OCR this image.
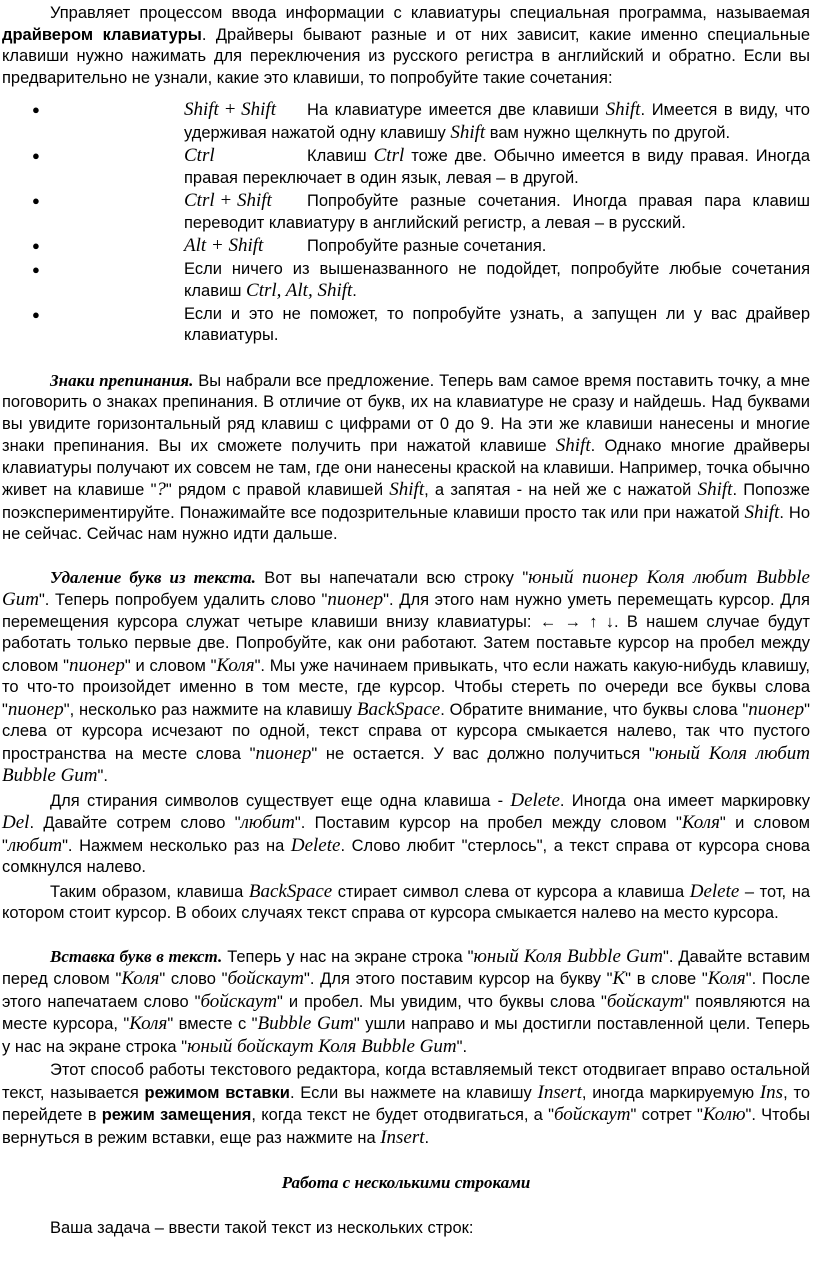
Управляет процессом ввода информации с клавиатуры специальная программа, называемая драйвером клавиатуры. Драйверы бывают разные и от них зависит, какие именно специальные клавиши нужно нажимать для переключения из русского регистра в английский и обратно. Если вы предварительно не узнали, какие это клавиши, то попробуйте такие сочетания:

●	Shift + Shift На клавиатуре имеется две клавиши Shift. Имеется в виду, что удерживая нажатой одну клавишу Shift вам нужно щелкнуть по другой.
●	Ctrl	Клавиш Ctrl тоже две. Обычно имеется в виду правая. Иногда правая переключает в один язык, левая – в другой.
●	Ctrl + Shift Попробуйте разные сочетания. Иногда правая пара клавиш переводит клавиатуру в английский регистр, а левая – в русский.
●	Alt + Shift	Попробуйте разные сочетания.
●	Если ничего из вышеназванного не подойдет, попробуйте любые сочетания клавиш Ctrl, Alt, Shift.
●	Если и это не поможет, то попробуйте узнать, а запущен ли у вас драйвер клавиатуры.

Знаки препинания. Вы набрали все предложение. Теперь вам самое время поставить точку, а мне поговорить о знаках препинания. В отличие от букв, их на клавиатуре не сразу и найдешь. Над буквами вы увидите горизонтальный ряд клавиш с цифрами от 0 до 9. На эти же клавиши нанесены и многие знаки препинания. Вы их сможете получить при нажатой клавише Shift. Однако многие драйверы клавиатуры получают их совсем не там, где они нанесены краской на клавиши. Например, точка обычно живет на клавише "?" рядом с правой клавишей Shift, а запятая - на ней же с нажатой Shift. Попозже поэкспериментируйте. Понажимайте все подозрительные клавиши просто так или при нажатой Shift. Но не сейчас. Сейчас нам нужно идти дальше.

Удаление букв из текста. Вот вы напечатали всю строку "юный пионер Коля любит Bubble Gum". Теперь попробуем удалить слово "пионер". Для этого нам нужно уметь перемещать курсор. Для перемещения курсора служат четыре клавиши внизу клавиатуры: ← → ↑ ↓. В нашем случае будут работать только первые две. Попробуйте, как они работают. Затем поставьте курсор на пробел между словом "пионер" и словом "Коля". Мы уже начинаем привыкать, что если нажать какую-нибудь клавишу, то что-то произойдет именно в том месте, где курсор. Чтобы стереть по очереди все буквы слова "пионер", несколько раз нажмите на клавишу BackSpace. Обратите внимание, что буквы слова "пионер" слева от курсора исчезают по одной, текст справа от курсора смыкается налево, так что пустого пространства на месте слова "пионер" не остается. У вас должно получиться "юный Коля любит Bubble Gum".

Для стирания символов существует еще одна клавиша - Delete. Иногда она имеет маркировку Del. Давайте сотрем слово "любит". Поставим курсор на пробел между словом "Коля" и словом "любит". Нажмем несколько раз на Delete. Слово любит "стерлось", а текст справа от курсора снова сомкнулся налево.

Таким образом, клавиша BackSpace стирает символ слева от курсора а клавиша Delete – тот, на котором стоит курсор. В обоих случаях текст справа от курсора смыкается налево на место курсора.

Вставка букв в текст. Теперь у нас на экране строка "юный Коля Bubble Gum". Давайте вставим перед словом "Коля" слово "бойскаут". Для этого поставим курсор на букву "К" в слове "Коля". После этого напечатаем слово "бойскаут" и пробел. Мы увидим, что буквы слова "бойскаут" появляются на месте курсора, "Коля" вместе с "Bubble Gum" ушли направо и мы достигли поставленной цели. Теперь у нас на экране строка "юный бойскаут Коля Bubble Gum".

Этот способ работы текстового редактора, когда вставляемый текст отодвигает вправо остальной текст, называется режимом вставки. Если вы нажмете на клавишу Insert, иногда маркируемую Ins, то перейдете в режим замещения, когда текст не будет отодвигаться, а "бойскаут" сотрет "Колю". Чтобы вернуться в режим вставки, еще раз нажмите на Insert.

Работа с несколькими строками

Ваша задача – ввести такой текст из нескольких строк:
